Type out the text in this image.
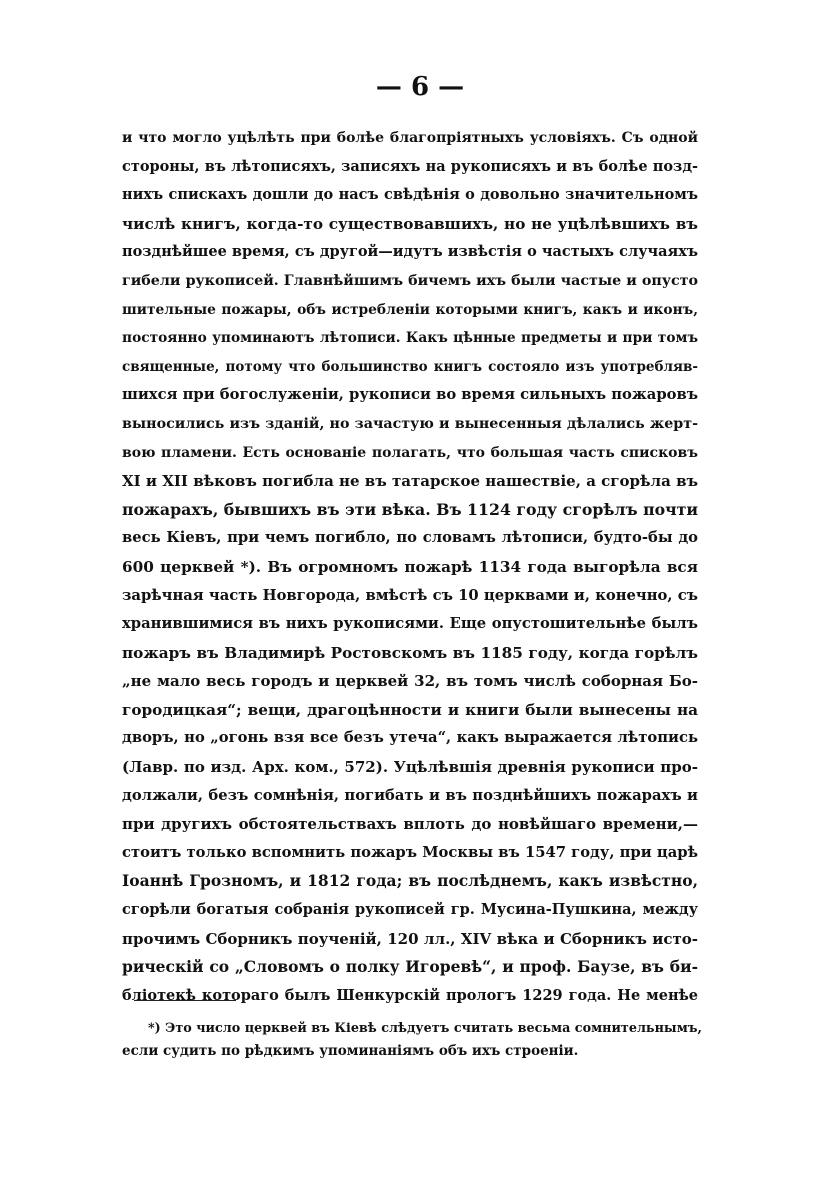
— 6 —
и что могло уцѣлѣть при болѣе благопріятныхъ условіяхъ. Съ одной
стороны, въ лѣтописяхъ, записяхъ на рукописяхъ и въ болѣе позд-
нихъ спискахъ дошли до насъ свѣдѣнія о довольно значительномъ
числѣ книгъ, когда-то существовавшихъ, но не уцѣлѣвшихъ въ
позднѣйшее время, съ другой—идутъ извѣстія о частыхъ случаяхъ
гибели рукописей. Главнѣйшимъ бичемъ ихъ были частые и опусто
шительные пожары, объ истребленіи которыми книгъ, какъ и иконъ,
постоянно упоминаютъ лѣтописи. Какъ цѣнные предметы и при томъ
священные, потому что большинство книгъ состояло изъ употребляв-
шихся при богослуженіи, рукописи во время сильныхъ пожаровъ
выносились изъ зданій, но зачастую и вынесенныя дѣлались жерт-
вою пламени. Есть основаніе полагать, что большая часть списковъ
XI и XII вѣковъ погибла не въ татарское нашествіе, а сгорѣла въ
пожарахъ, бывшихъ въ эти вѣка. Въ 1124 году сгорѣлъ почти
весь Кіевъ, при чемъ погибло, по словамъ лѣтописи, будто-бы до
600 церквей *). Въ огромномъ пожарѣ 1134 года выгорѣла вся
зарѣчная часть Новгорода, вмѣстѣ съ 10 церквами и, конечно, съ
хранившимися въ нихъ рукописями. Еще опустошительнѣе былъ
пожаръ въ Владимирѣ Ростовскомъ въ 1185 году, когда горѣлъ
„не мало весь городъ и церквей 32, въ томъ числѣ соборная Бо-
городицкая“; вещи, драгоцѣнности и книги были вынесены на
дворъ, но „огонь взя все безъ утеча“, какъ выражается лѣтопись
(Лавр. по изд. Арх. ком., 572). Уцѣлѣвшія древнія рукописи про-
должали, безъ сомнѣнія, погибать и въ позднѣйшихъ пожарахъ и
при другихъ обстоятельствахъ вплоть до новѣйшаго времени,—
стоитъ только вспомнить пожаръ Москвы въ 1547 году, при царѣ
Іоаннѣ Грозномъ, и 1812 года; въ послѣднемъ, какъ извѣстно,
сгорѣли богатыя собранія рукописей гр. Мусина-Пушкина, между
прочимъ Сборникъ поученій, 120 лл., XIV вѣка и Сборникъ исто-
рическій со „Словомъ о полку Игоревѣ“, и проф. Баузе, въ би-
бліотекѣ котораго былъ Шенкурскій прологъ 1229 года. Не менѣе
*) Это число церквей въ Кіевѣ слѣдуетъ считать весьма сомнительнымъ,
если судить по рѣдкимъ упоминаніямъ объ ихъ строеніи.
